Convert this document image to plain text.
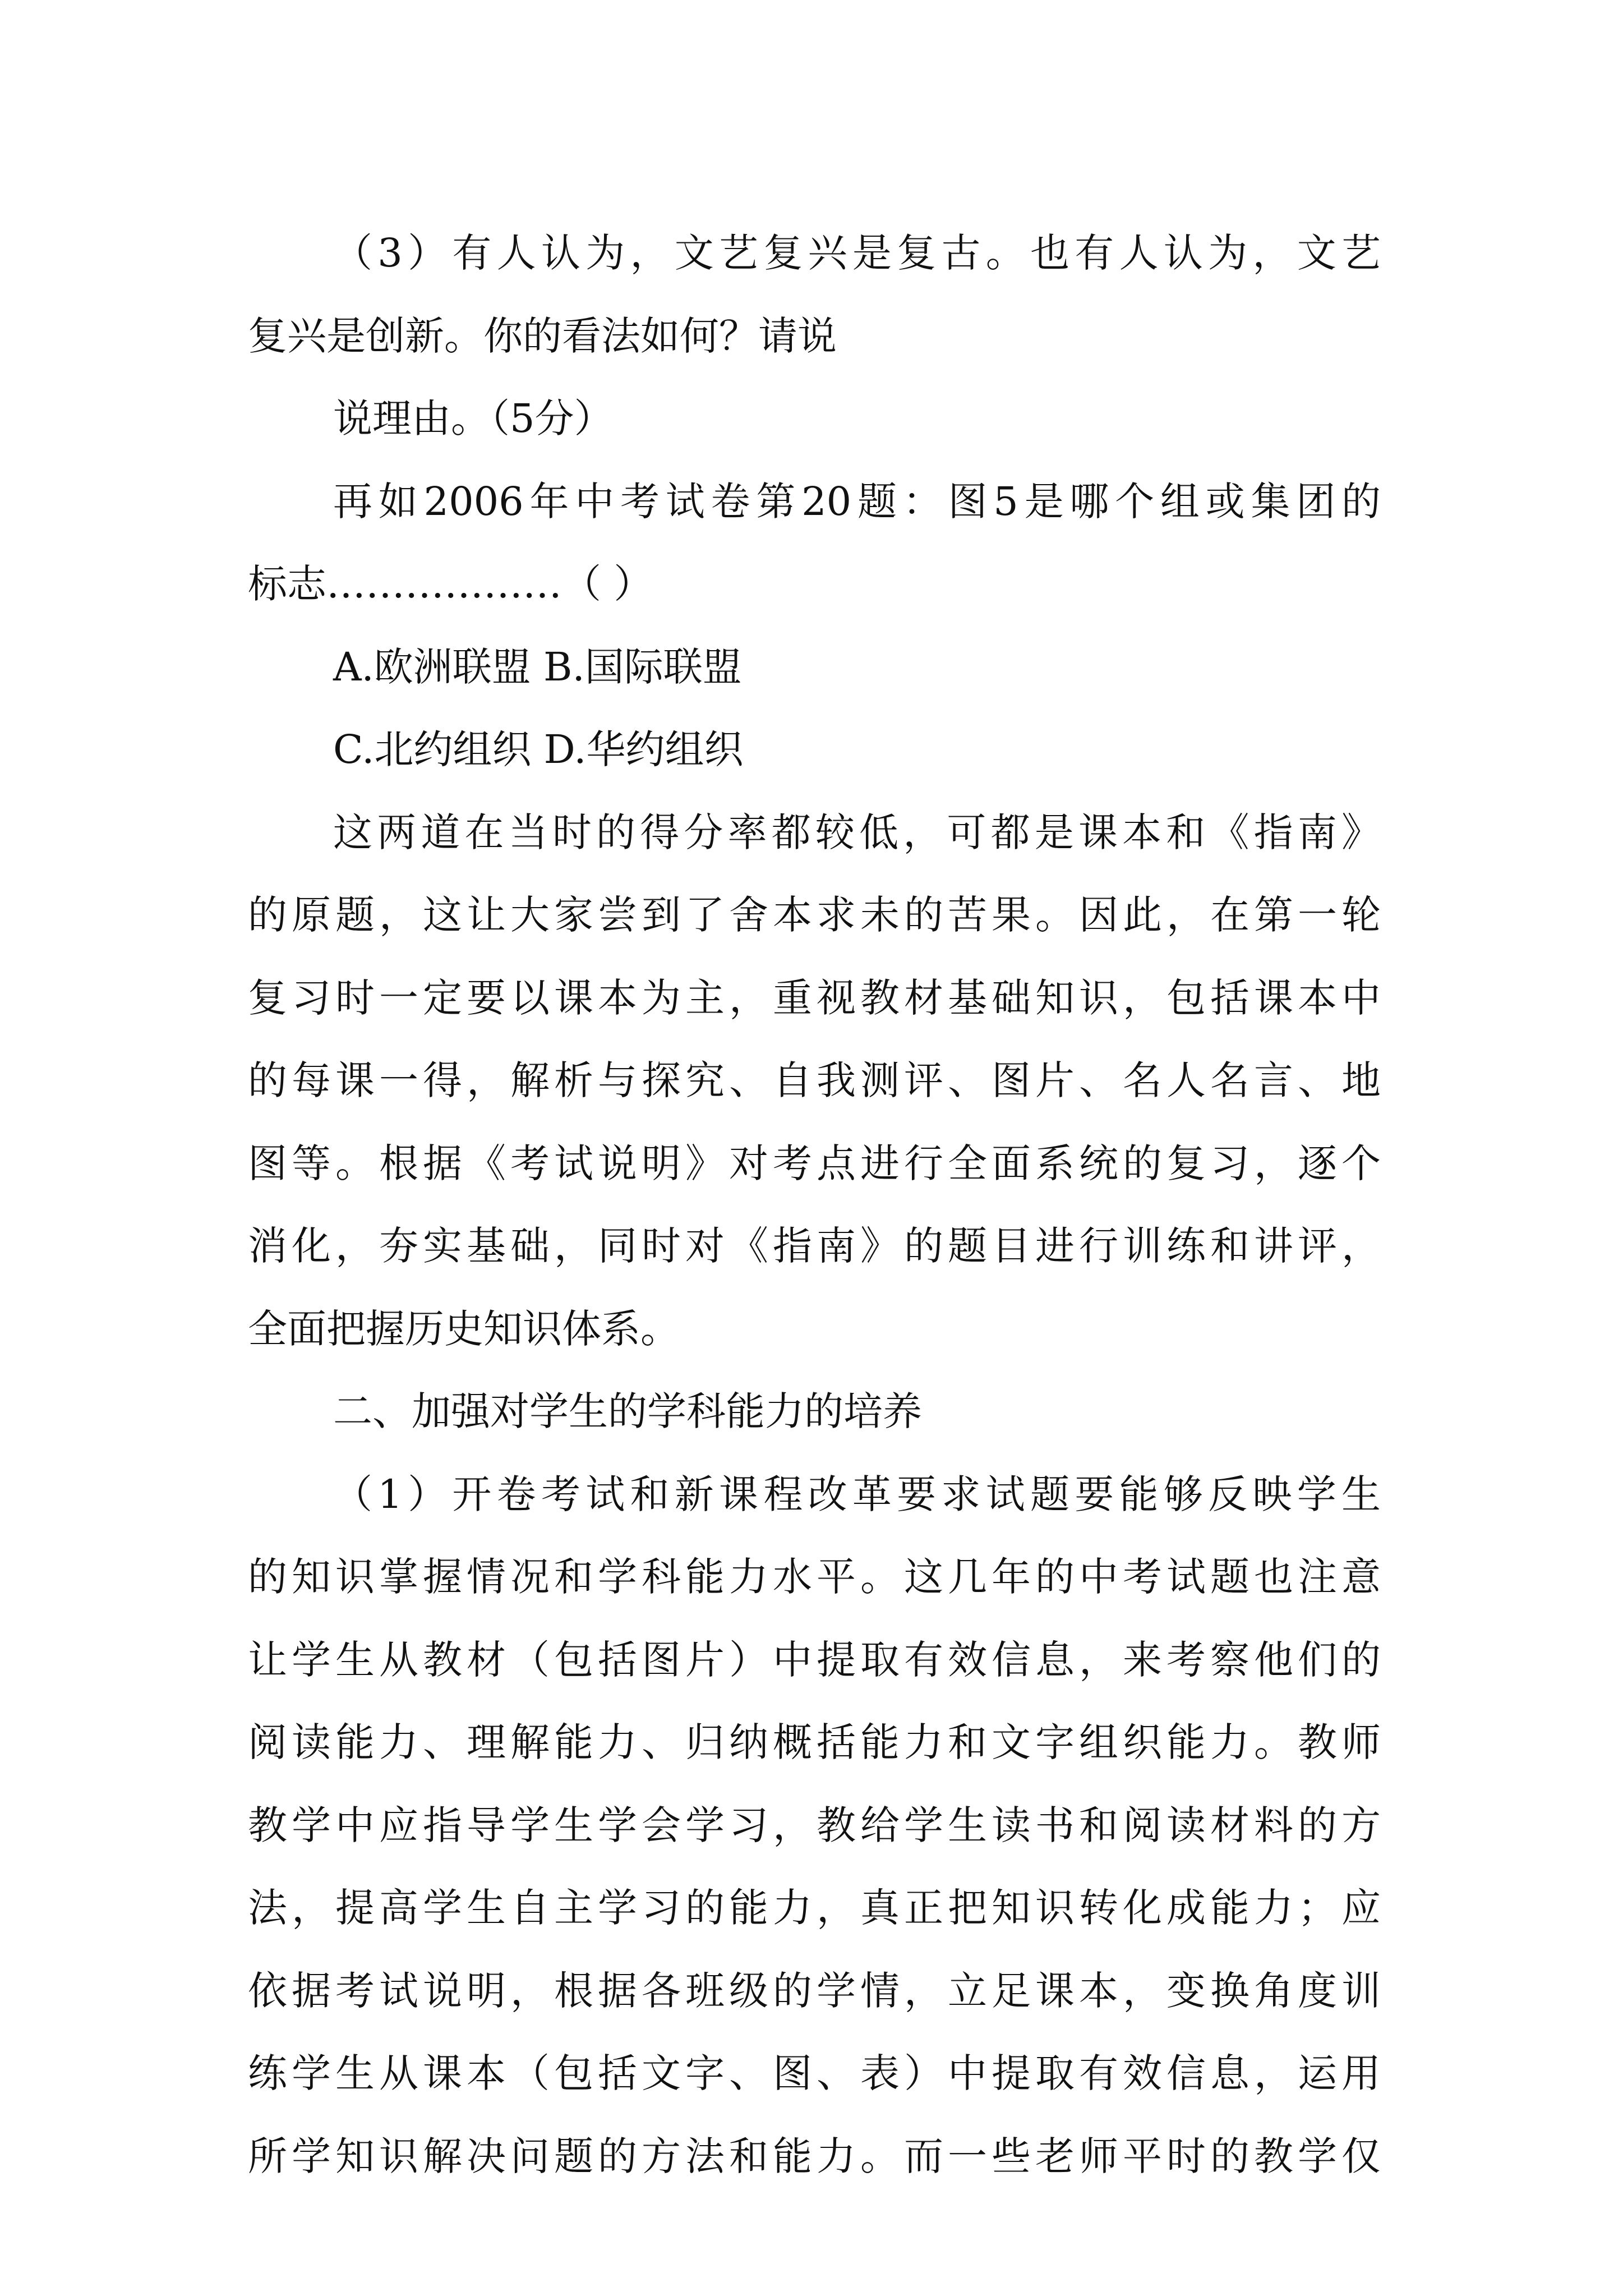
（3）有人认为，文艺复兴是复古。也有人认为，文艺
复兴是创新。你的看法如何？请说
说理由。（5分）
再如2006年中考试卷第20题：图5是哪个组或集团的
标志………………（ ）
A.欧洲联盟 B.国际联盟
C.北约组织 D.华约组织
这两道在当时的得分率都较低，可都是课本和《指南》
的原题，这让大家尝到了舍本求未的苦果。因此，在第一轮
复习时一定要以课本为主，重视教材基础知识，包括课本中
的每课一得，解析与探究、自我测评、图片、名人名言、地
图等。根据《考试说明》对考点进行全面系统的复习，逐个
消化，夯实基础，同时对《指南》的题目进行训练和讲评，
全面把握历史知识体系。
二、加强对学生的学科能力的培养
（1）开卷考试和新课程改革要求试题要能够反映学生
的知识掌握情况和学科能力水平。这几年的中考试题也注意
让学生从教材（包括图片）中提取有效信息，来考察他们的
阅读能力、理解能力、归纳概括能力和文字组织能力。教师
教学中应指导学生学会学习，教给学生读书和阅读材料的方
法，提高学生自主学习的能力，真正把知识转化成能力；应
依据考试说明，根据各班级的学情，立足课本，变换角度训
练学生从课本（包括文字、图、表）中提取有效信息，运用
所学知识解决问题的方法和能力。而一些老师平时的教学仅
